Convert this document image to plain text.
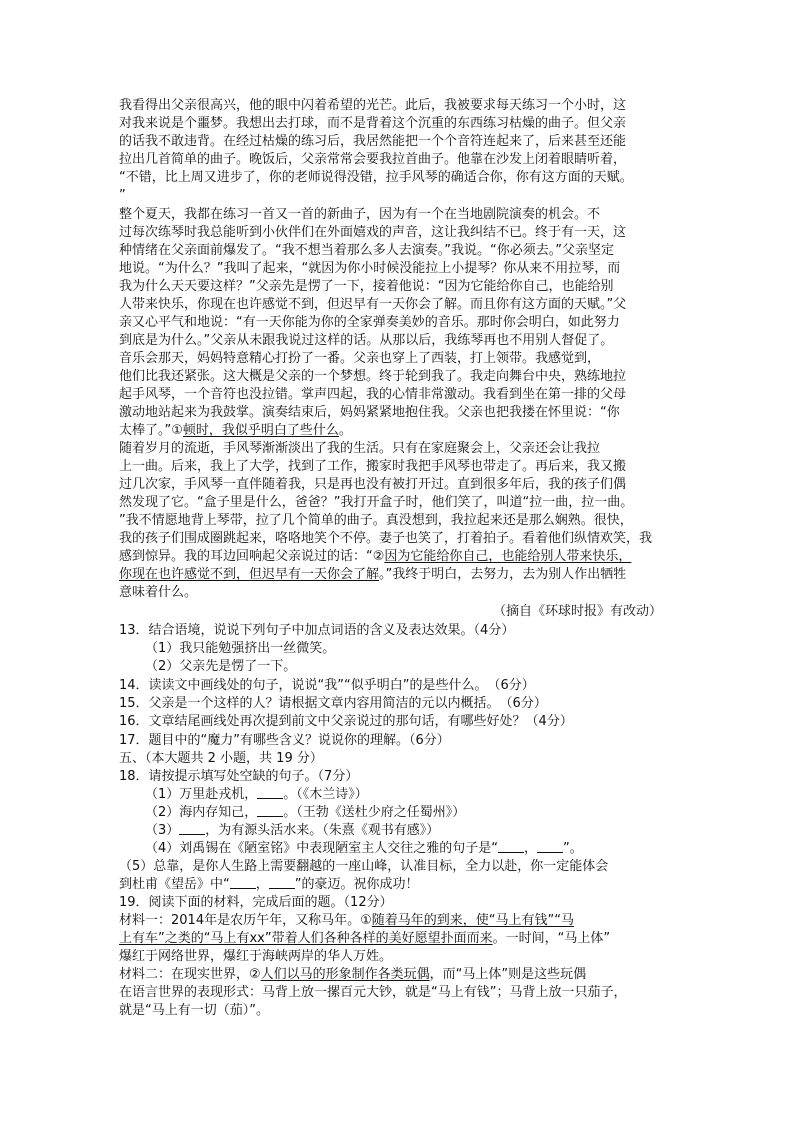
我看得出父亲很高兴，他的眼中闪着希望的光芒。此后，我被要求每天练习一个小时，这
对我来说是个噩梦。我想出去打球，而不是背着这个沉重的东西练习枯燥的曲子。但父亲
的话我不敢违背。在经过枯燥的练习后，我居然能把一个个音符连起来了，后来甚至还能
拉出几首简单的曲子。晚饭后，父亲常常会要我拉首曲子。他靠在沙发上闭着眼睛听着，
“不错，比上周又进步了，你的老师说得没错，拉手风琴的确适合你，你有这方面的天赋。
”
整个夏天，我都在练习一首又一首的新曲子，因为有一个在当地剧院演奏的机会。不
过每次练琴时我总能听到小伙伴们在外面嬉戏的声音，这让我纠结不已。终于有一天，这
种情绪在父亲面前爆发了。“我不想当着那么多人去演奏。”我说。“你必须去。”父亲坚定
地说。“为什么？”我叫了起来，“就因为你小时候没能拉上小提琴？你从来不用拉琴，而
我为什么天天要这样？”父亲先是愣了一下，接着他说：“因为它能给你自己，也能给别
人带来快乐，你现在也许感觉不到，但迟早有一天你会了解。而且你有这方面的天赋。”父
亲又心平气和地说：“有一天你能为你的全家弹奏美妙的音乐。那时你会明白，如此努力
到底是为什么。”父亲从未跟我说过这样的话。从那以后，我练琴再也不用别人督促了。
音乐会那天，妈妈特意精心打扮了一番。父亲也穿上了西装，打上领带。我感觉到，
他们比我还紧张。这大概是父亲的一个梦想。终于轮到我了。我走向舞台中央，熟练地拉
起手风琴，一个音符也没拉错。掌声四起，我的心情非常激动。我看到坐在第一排的父母
激动地站起来为我鼓掌。演奏结束后，妈妈紧紧地抱住我。父亲也把我搂在怀里说：“你
太棒了。”①顿时，我似乎明白了些什么。
随着岁月的流逝，手风琴渐渐淡出了我的生活。只有在家庭聚会上，父亲还会让我拉
上一曲。后来，我上了大学，找到了工作，搬家时我把手风琴也带走了。再后来，我又搬
过几次家，手风琴一直伴随着我，只是再也没有被打开过。直到很多年后，我的孩子们偶
然发现了它。“盒子里是什么，爸爸？”我打开盒子时，他们笑了，叫道“拉一曲，拉一曲。
”我不情愿地背上琴带，拉了几个简单的曲子。真没想到，我拉起来还是那么娴熟。很快，
我的孩子们围成圈跳起来，咯咯地笑个不停。妻子也笑了，打着拍子。看着他们纵情欢笑，我
感到惊异。我的耳边回响起父亲说过的话：“②因为它能给你自己，也能给别人带来快乐，
你现在也许感觉不到，但迟早有一天你会了解。”我终于明白，去努力，去为别人作出牺牲
意味着什么。
（摘自《环球时报》有改动）
13．结合语境，说说下列句子中加点词语的含义及表达效果。（4分）
（1）我只能勉强挤出一丝微笑。
（2）父亲先是愣了一下。
14．读读文中画线处的句子，说说“我”“似乎明白”的是些什么。　（6分）
15．父亲是一个这样的人？请根据文章内容用简洁的元以内概括。　（6分）
16．文章结尾画线处再次提到前文中父亲说过的那句话，有哪些好处？（4分）
17．题目中的“魔力”有哪些含义？说说你的理解。（6分）
五、（本大题共 2 小题，共 19 分）
18．请按提示填写处空缺的句子。（7分）
（1）万里赴戎机， 。（《木兰诗》）
（2）海内存知己， 。（王勃《送杜少府之任蜀州》）
（3） ，为有源头活水来。（朱熹《观书有感》）
（4）刘禹锡在《陋室铭》中表现陋室主人交往之雅的句子是“ ， ”。
（5）总靠，是你人生路上需要翻越的一座山峰，认准目标，全力以赴，你一定能体会
到杜甫《望岳》中“ ， ”的豪迈。祝你成功！
19．阅读下面的材料，完成后面的题。（12分）
材料一：2014年是农历午年，又称马年。①随着马年的到来，使“马上有钱”“马
上有车”之类的“马上有xx”带着人们各种各样的美好愿望扑面而来。一时间，“马上体”
爆红于网络世界，爆红于海峡两岸的华人万姓。
材料二：在现实世界，②人们以马的形象制作各类玩偶，而“马上体”则是这些玩偶
在语言世界的表现形式：马背上放一摞百元大钞，就是“马上有钱”；马背上放一只茄子，
就是“马上有一切（茄）”。
